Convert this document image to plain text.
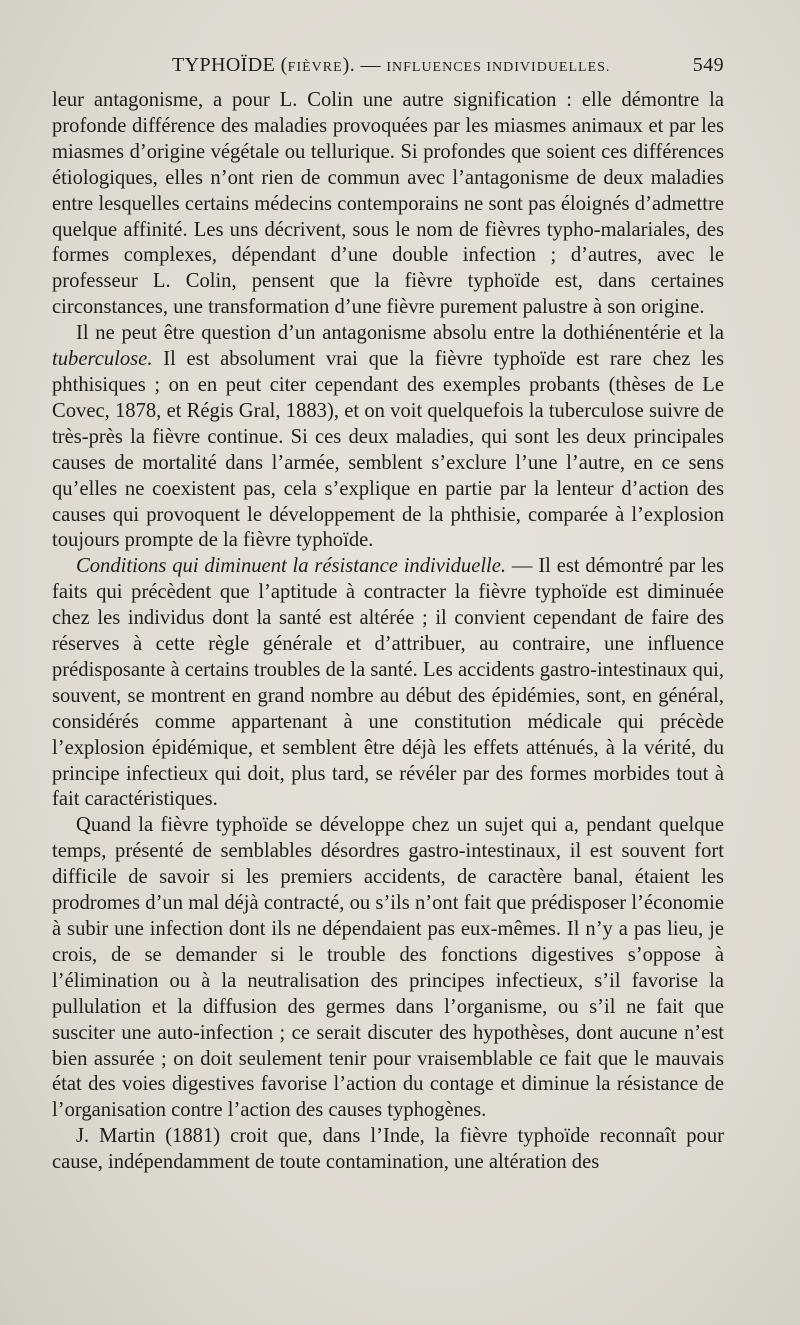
TYPHOÏDE (FIÈVRE). — INFLUENCES INDIVIDUELLES.	549

leur antagonisme, a pour L. Colin une autre signification : elle démontre la profonde différence des maladies provoquées par les miasmes animaux et par les miasmes d’origine végétale ou tellurique. Si profondes que soient ces différences étiologiques, elles n’ont rien de commun avec l’antagonisme de deux maladies entre lesquelles certains médecins contemporains ne sont pas éloignés d’admettre quelque affinité. Les uns décrivent, sous le nom de fièvres typho-malariales, des formes complexes, dépendant d’une double infection ; d’autres, avec le professeur L. Colin, pensent que la fièvre typhoïde est, dans certaines circonstances, une transformation d’une fièvre purement palustre à son origine.

Il ne peut être question d’un antagonisme absolu entre la dothiénentérie et la tuberculose. Il est absolument vrai que la fièvre typhoïde est rare chez les phthisiques ; on en peut citer cependant des exemples probants (thèses de Le Covec, 1878, et Régis Gral, 1883), et on voit quelquefois la tuberculose suivre de très-près la fièvre continue. Si ces deux maladies, qui sont les deux principales causes de mortalité dans l’armée, semblent s’exclure l’une l’autre, en ce sens qu’elles ne coexistent pas, cela s’explique en partie par la lenteur d’action des causes qui provoquent le développement de la phthisie, comparée à l’explosion toujours prompte de la fièvre typhoïde.

Conditions qui diminuent la résistance individuelle. — Il est démontré par les faits qui précèdent que l’aptitude à contracter la fièvre typhoïde est diminuée chez les individus dont la santé est altérée ; il convient cependant de faire des réserves à cette règle générale et d’attribuer, au contraire, une influence prédisposante à certains troubles de la santé. Les accidents gastro-intestinaux qui, souvent, se montrent en grand nombre au début des épidémies, sont, en général, considérés comme appartenant à une constitution médicale qui précède l’explosion épidémique, et semblent être déjà les effets atténués, à la vérité, du principe infectieux qui doit, plus tard, se révéler par des formes morbides tout à fait caractéristiques.

Quand la fièvre typhoïde se développe chez un sujet qui a, pendant quelque temps, présenté de semblables désordres gastro-intestinaux, il est souvent fort difficile de savoir si les premiers accidents, de caractère banal, étaient les prodromes d’un mal déjà contracté, ou s’ils n’ont fait que prédisposer l’économie à subir une infection dont ils ne dépendaient pas eux-mêmes. Il n’y a pas lieu, je crois, de se demander si le trouble des fonctions digestives s’oppose à l’élimination ou à la neutralisation des principes infectieux, s’il favorise la pullulation et la diffusion des germes dans l’organisme, ou s’il ne fait que susciter une auto-infection ; ce serait discuter des hypothèses, dont aucune n’est bien assurée ; on doit seulement tenir pour vraisemblable ce fait que le mauvais état des voies digestives favorise l’action du contage et diminue la résistance de l’organisation contre l’action des causes typhogènes.

J. Martin (1881) croit que, dans l’Inde, la fièvre typhoïde reconnaît pour cause, indépendamment de toute contamination, une altération des
